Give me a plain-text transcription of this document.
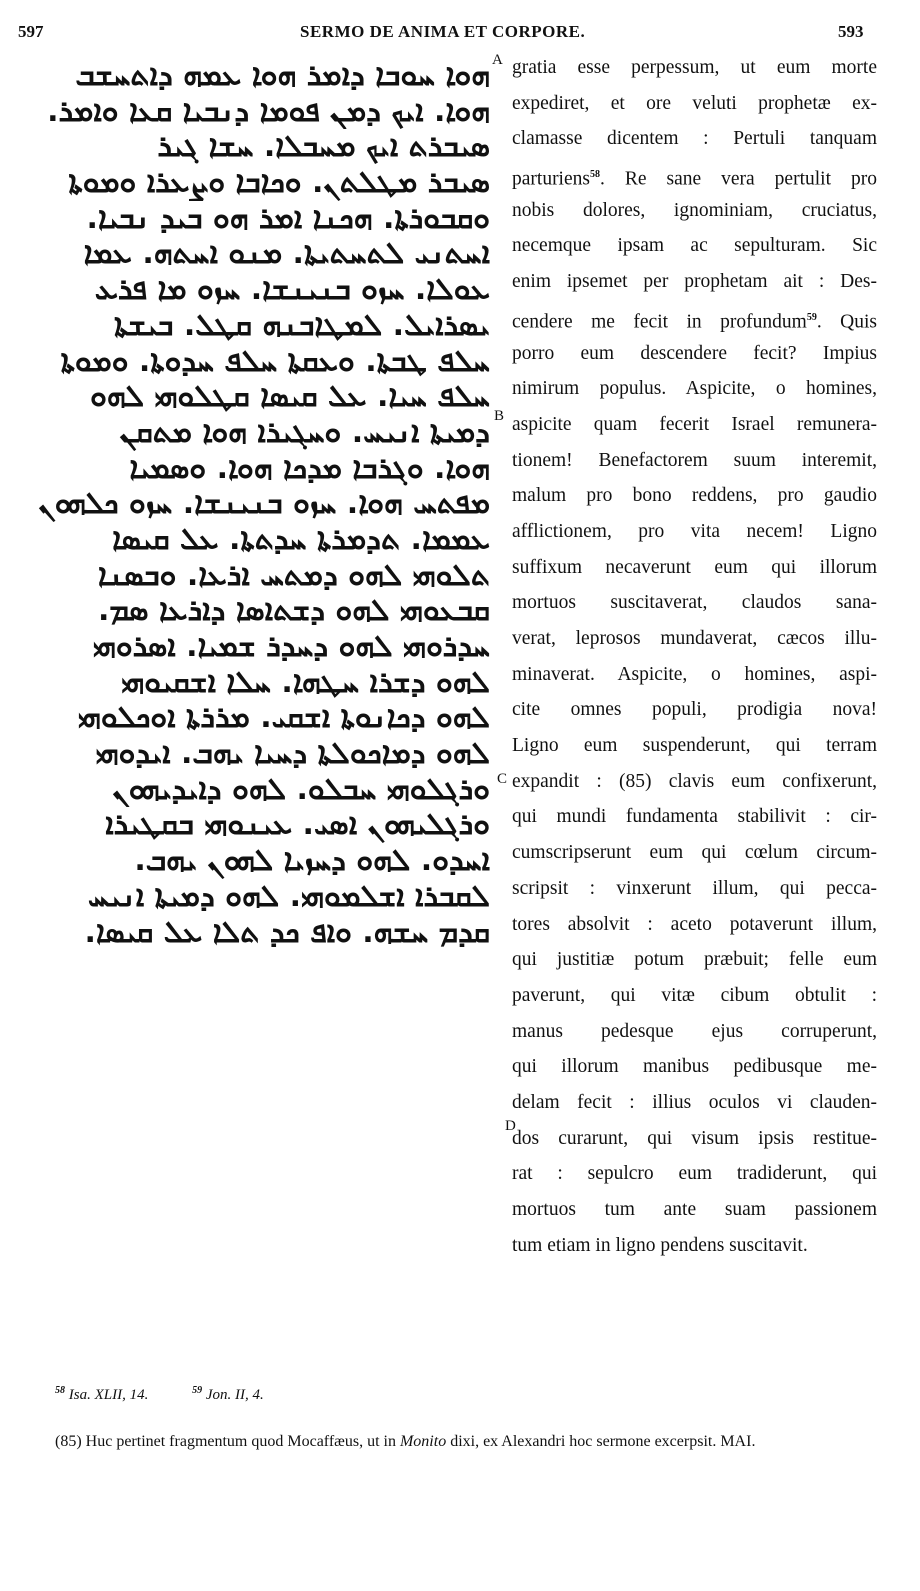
597	SERMO DE ANIMA ET CORPORE.	593
ܗܘܐ ܚܘܒܐ ܕܐܡܪ ܗܘܐ ܥܡܗ ܕܐܬܚܫܒ
ܗܘܐ. ܐܝܟ ܕܡܢ ܦܘܡܐ ܕܢܒܝܐ ܩܥܐ ܘܐܡܪ.
ܣܝܒܪܬ ܐܝܟ ܡܚܒܠܐ. ܚܫܐ ܓܝܪ
ܣܝܒܪ ܡܛܠܬܢ. ܘܟܐܒܐ ܘܨܥܪܐ ܘܡܘܬܐ
ܘܩܒܘܪܬܐ. ܗܟܢܐ ܐܡܪ ܗܘ ܒܝܕ ܢܒܝܐ.
ܐܚܬܢܝ ܠܬܚܬܝܬܐ. ܡܢܘ ܐܚܬܗ. ܥܡܐ
ܥܘܠܐ. ܚܙܘ ܒܢܝܢܫܐ. ܚܙܘ ܡܐ ܦܪܥ
ܝܣܪܐܝܠ. ܠܡܛܐܒܢܗ ܩܛܠ. ܒܝܫܬܐ
ܚܠܦ ܛܒܬܐ. ܘܥܩܬܐ ܚܠܦ ܚܕܘܬܐ. ܘܡܘܬܐ
ܚܠܦ ܚܝܐ. ܥܠ ܩܝܣܐ ܩܛܠܘܗܝ ܠܗܘ
ܕܡܝܬܐ ܐܢܝܚ. ܘܚܓܝܪܐ ܗܘܐ ܡܬܩܢ
ܗܘܐ. ܘܓܪܒܐ ܡܕܟܐ ܗܘܐ. ܘܣܡܝܐ
ܡܦܬܚ ܗܘܐ. ܚܙܘ ܒܢܝܢܫܐ. ܚܙܘ ܟܠܗܘܢ
ܥܡܡܐ. ܬܕܡܪܬܐ ܚܕܬܬܐ. ܥܠ ܩܝܣܐ
ܬܠܘܗܝ ܠܗܘ ܕܡܬܚ ܐܪܥܐ. ܘܒܣܢܐ
ܩܒܥܘܗܝ ܠܗܘ ܕܫܬܐܣܐ ܕܐܪܥܐ ܣܡ.
ܚܕܪܘܗܝ ܠܗܘ ܕܚܕܪ ܫܡܝܐ. ܐܣܪܘܗܝ
ܠܗܘ ܕܫܪܐ ܚܛܗܐ. ܚܠܐ ܐܫܩܝܘܗܝ
ܠܗܘ ܕܟܐܢܘܬܐ ܐܫܩܝ. ܡܪܪܬܐ ܐܘܟܠܘܗܝ
ܠܗܘ ܕܡܐܟܘܠܬܐ ܕܚܝܐ ܝܗܒ. ܐܝܕܘܗܝ
ܘܪܓܠܘܗܝ ܚܒܠܘ. ܠܗܘ ܕܐܝܕܝܗܘܢ
ܘܪܓܠܝܗܘܢ ܐܣܝ. ܥܝܢܘܗܝ ܒܩܛܝܪܐ
ܐܚܕܘ. ܠܗܘ ܕܚܙܝܐ ܠܗܘܢ ܝܗܒ.
ܠܩܒܪܐ ܐܫܠܡܘܗܝ. ܠܗܘ ܕܡܝܬܐ ܐܢܝܚ
ܩܕܡ ܚܫܗ. ܘܐܦ ܟܕ ܬܠܐ ܥܠ ܩܝܣܐ.
A
B
C
D
gratia esse perpessum, ut eum morte
expediret, et ore veluti prophetæ ex-
clamasse dicentem : Pertuli tanquam
parturiens$^{58}$. Re sane vera pertulit pro
nobis dolores, ignominiam, cruciatus,
necemque ipsam ac sepulturam. Sic
enim ipsemet per prophetam ait : Des-
cendere me fecit in profundum$^{59}$. Quis
porro eum descendere fecit? Impius
nimirum populus. Aspicite, o homines,
aspicite quam fecerit Israel remunera-
tionem! Benefactorem suum interemit,
malum pro bono reddens, pro gaudio
afflictionem, pro vita necem! Ligno
suffixum necaverunt eum qui illorum
mortuos suscitaverat, claudos sana-
verat, leprosos mundaverat, cæcos illu-
minaverat. Aspicite, o homines, aspi-
cite omnes populi, prodigia nova!
Ligno eum suspenderunt, qui terram
expandit : (85) clavis eum confixerunt,
qui mundi fundamenta stabilivit : cir-
cumscripserunt eum qui cœlum circum-
scripsit : vinxerunt illum, qui pecca-
tores absolvit : aceto potaverunt illum,
qui justitiæ potum præbuit; felle eum
paverunt, qui vitæ cibum obtulit :
manus pedesque ejus corruperunt,
qui illorum manibus pedibusque me-
delam fecit : illius oculos vi clauden-
dos curarunt, qui visum ipsis restitue-
rat : sepulcro eum tradiderunt, qui
mortuos tum ante suam passionem
tum etiam in ligno pendens suscitavit.
$^{58}$ Isa. XLII, 14.	$^{59}$ Jon. II, 4.
(85) Huc pertinet fragmentum quod Mocaffæus, ut in Monito dixi, ex Alexandri hoc sermone excerpsit. MAI.
